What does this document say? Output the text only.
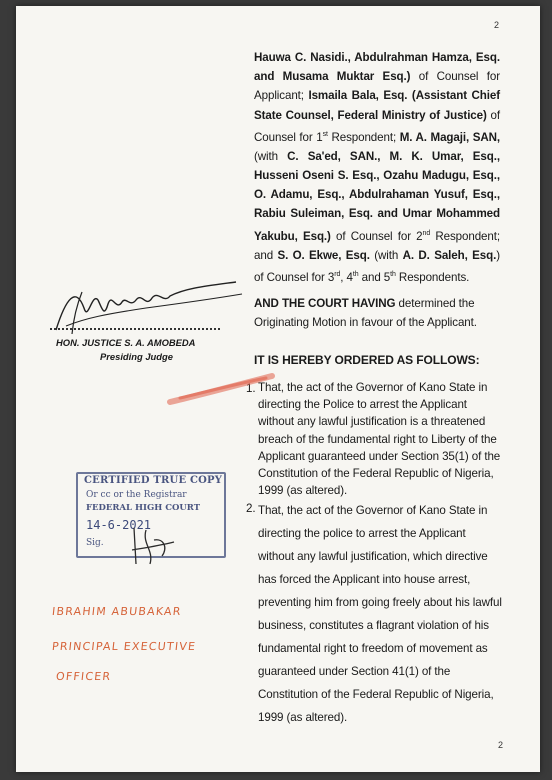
2
Hauwa C. Nasidi., Abdulrahman Hamza, Esq. and Musama Muktar Esq.) of Counsel for Applicant; Ismaila Bala, Esq. (Assistant Chief State Counsel, Federal Ministry of Justice) of Counsel for 1st Respondent; M. A. Magaji, SAN, (with C. Sa'ed, SAN., M. K. Umar, Esq., Husseni Oseni S. Esq., Ozahu Madugu, Esq., O. Adamu, Esq., Abdulrahaman Yusuf, Esq., Rabiu Suleiman, Esq. and Umar Mohammed Yakubu, Esq.) of Counsel for 2nd Respondent; and S. O. Ekwe, Esq. (with A. D. Saleh, Esq.) of Counsel for 3rd, 4th and 5th Respondents.
AND THE COURT HAVING determined the Originating Motion in favour of the Applicant.
IT IS HEREBY ORDERED AS FOLLOWS:
1. That, the act of the Governor of Kano State in directing the Police to arrest the Applicant without any lawful justification is a threatened breach of the fundamental right to Liberty of the Applicant guaranteed under Section 35(1) of the Constitution of the Federal Republic of Nigeria, 1999 (as altered).
2. That, the act of the Governor of Kano State in directing the police to arrest the Applicant without any lawful justification, which directive has forced the Applicant into house arrest, preventing him from going freely about his lawful business, constitutes a flagrant violation of his fundamental right to freedom of movement as guaranteed under Section 41(1) of the Constitution of the Federal Republic of Nigeria, 1999 (as altered).
HON. JUSTICE S. A. AMOBEDA
Presiding Judge
CERTIFIED TRUE COPY
Or cc or the Registrar
FEDERAL HIGH COURT
14-6-2021
Sig.
IBRAHIM ABUBAKAR
PRINCIPAL EXECUTIVE
OFFICER
2
